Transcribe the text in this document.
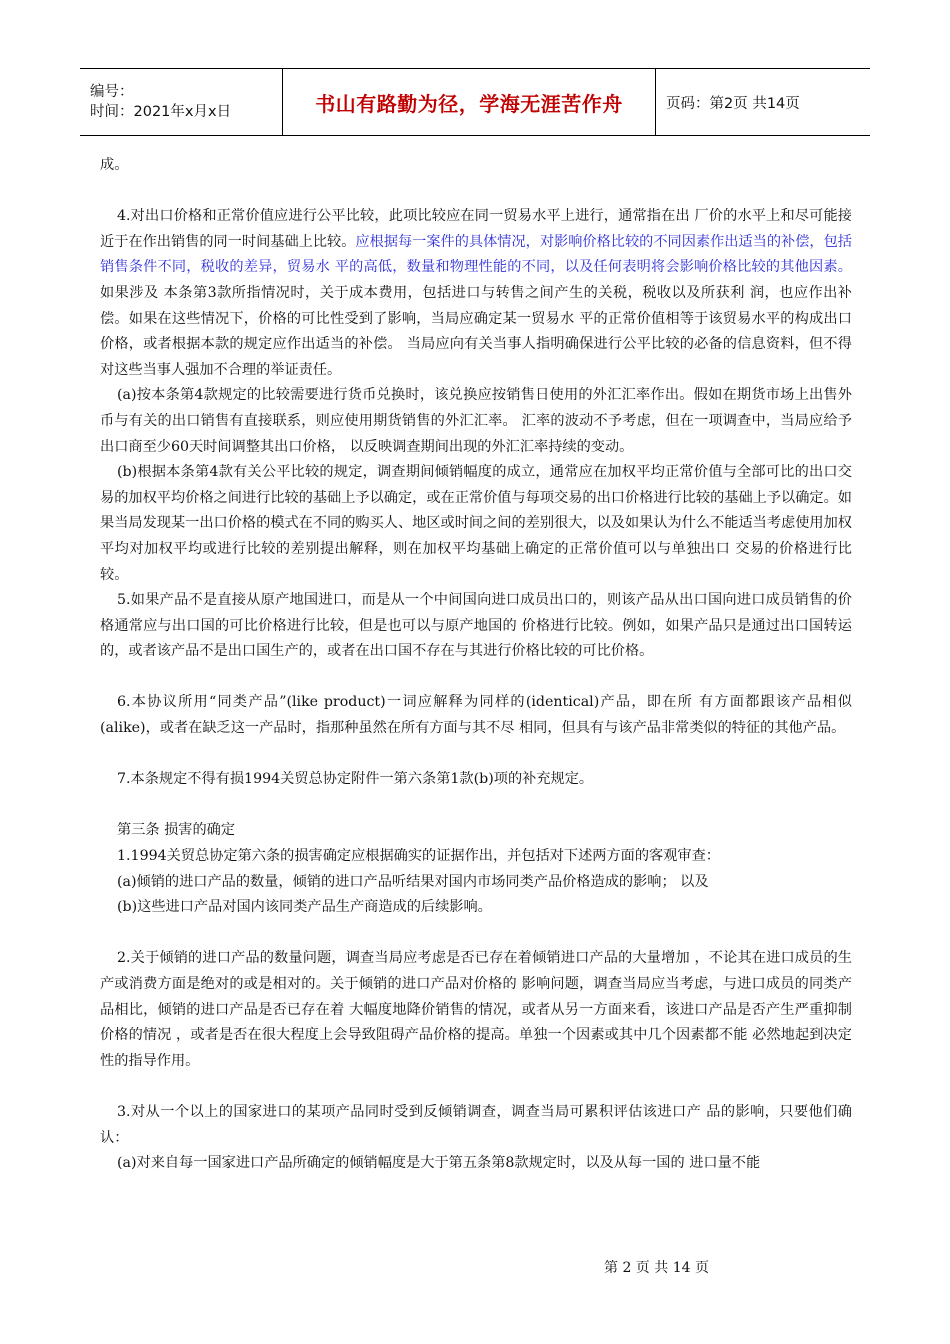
编号：
时间：2021年x月x日	书山有路勤为径，学海无涯苦作舟	页码：第2页 共14页

成。

4.对出口价格和正常价值应进行公平比较，此项比较应在同一贸易水平上进行，通常指在出 厂价的水平上和尽可能接近于在作出销售的同一时间基础上比较。应根据每一案件的具体情况，对影响价格比较的不同因素作出适当的补偿，包括销售条件不同，税收的差异，贸易水 平的高低，数量和物理性能的不同，以及任何表明将会影响价格比较的其他因素。如果涉及 本条第3款所指情况时，关于成本费用，包括进口与转售之间产生的关税，税收以及所获利 润，也应作出补偿。如果在这些情况下，价格的可比性受到了影响，当局应确定某一贸易水 平的正常价值相等于该贸易水平的构成出口价格，或者根据本款的规定应作出适当的补偿。 当局应向有关当事人指明确保进行公平比较的必备的信息资料，但不得对这些当事人强加不合理的举证责任。

(a)按本条第4款规定的比较需要进行货币兑换时，该兑换应按销售日使用的外汇汇率作出。假如在期货市场上出售外币与有关的出口销售有直接联系，则应使用期货销售的外汇汇率。 汇率的波动不予考虑，但在一项调查中，当局应给予出口商至少60天时间调整其出口价格， 以反映调查期间出现的外汇汇率持续的变动。

(b)根据本条第4款有关公平比较的规定，调查期间倾销幅度的成立，通常应在加权平均正常价值与全部可比的出口交易的加权平均价格之间进行比较的基础上予以确定，或在正常价值与每项交易的出口价格进行比较的基础上予以确定。如果当局发现某一出口价格的模式在不同的购买人、地区或时间之间的差别很大，以及如果认为什么不能适当考虑使用加权平均对加权平均或进行比较的差别提出解释，则在加权平均基础上确定的正常价值可以与单独出口 交易的价格进行比较。

5.如果产品不是直接从原产地国进口，而是从一个中间国向进口成员出口的，则该产品从出口国向进口成员销售的价格通常应与出口国的可比价格进行比较，但是也可以与原产地国的 价格进行比较。例如，如果产品只是通过出口国转运的，或者该产品不是出口国生产的，或者在出口国不存在与其进行价格比较的可比价格。

6.本协议所用“同类产品”(like product)一词应解释为同样的(identical)产品，即在所 有方面都跟该产品相似(alike)，或者在缺乏这一产品时，指那种虽然在所有方面与其不尽 相同，但具有与该产品非常类似的特征的其他产品。

7.本条规定不得有损1994关贸总协定附件一第六条第1款(b)项的补充规定。

第三条 损害的确定

1.1994关贸总协定第六条的损害确定应根据确实的证据作出，并包括对下述两方面的客观审查：

(a)倾销的进口产品的数量，倾销的进口产品听结果对国内市场同类产品价格造成的影响； 以及

(b)这些进口产品对国内该同类产品生产商造成的后续影响。

2.关于倾销的进口产品的数量问题，调查当局应考虑是否已存在着倾销进口产品的大量增加 ，不论其在进口成员的生产或消费方面是绝对的或是相对的。关于倾销的进口产品对价格的 影响问题，调查当局应当考虑，与进口成员的同类产品相比，倾销的进口产品是否已存在着 大幅度地降价销售的情况，或者从另一方面来看，该进口产品是否产生严重抑制价格的情况 ，或者是否在很大程度上会导致阻碍产品价格的提高。单独一个因素或其中几个因素都不能 必然地起到决定性的指导作用。

3.对从一个以上的国家进口的某项产品同时受到反倾销调查，调查当局可累积评估该进口产 品的影响，只要他们确认：

(a)对来自每一国家进口产品所确定的倾销幅度是大于第五条第8款规定时，以及从每一国的 进口量不能

第 2 页 共 14 页
